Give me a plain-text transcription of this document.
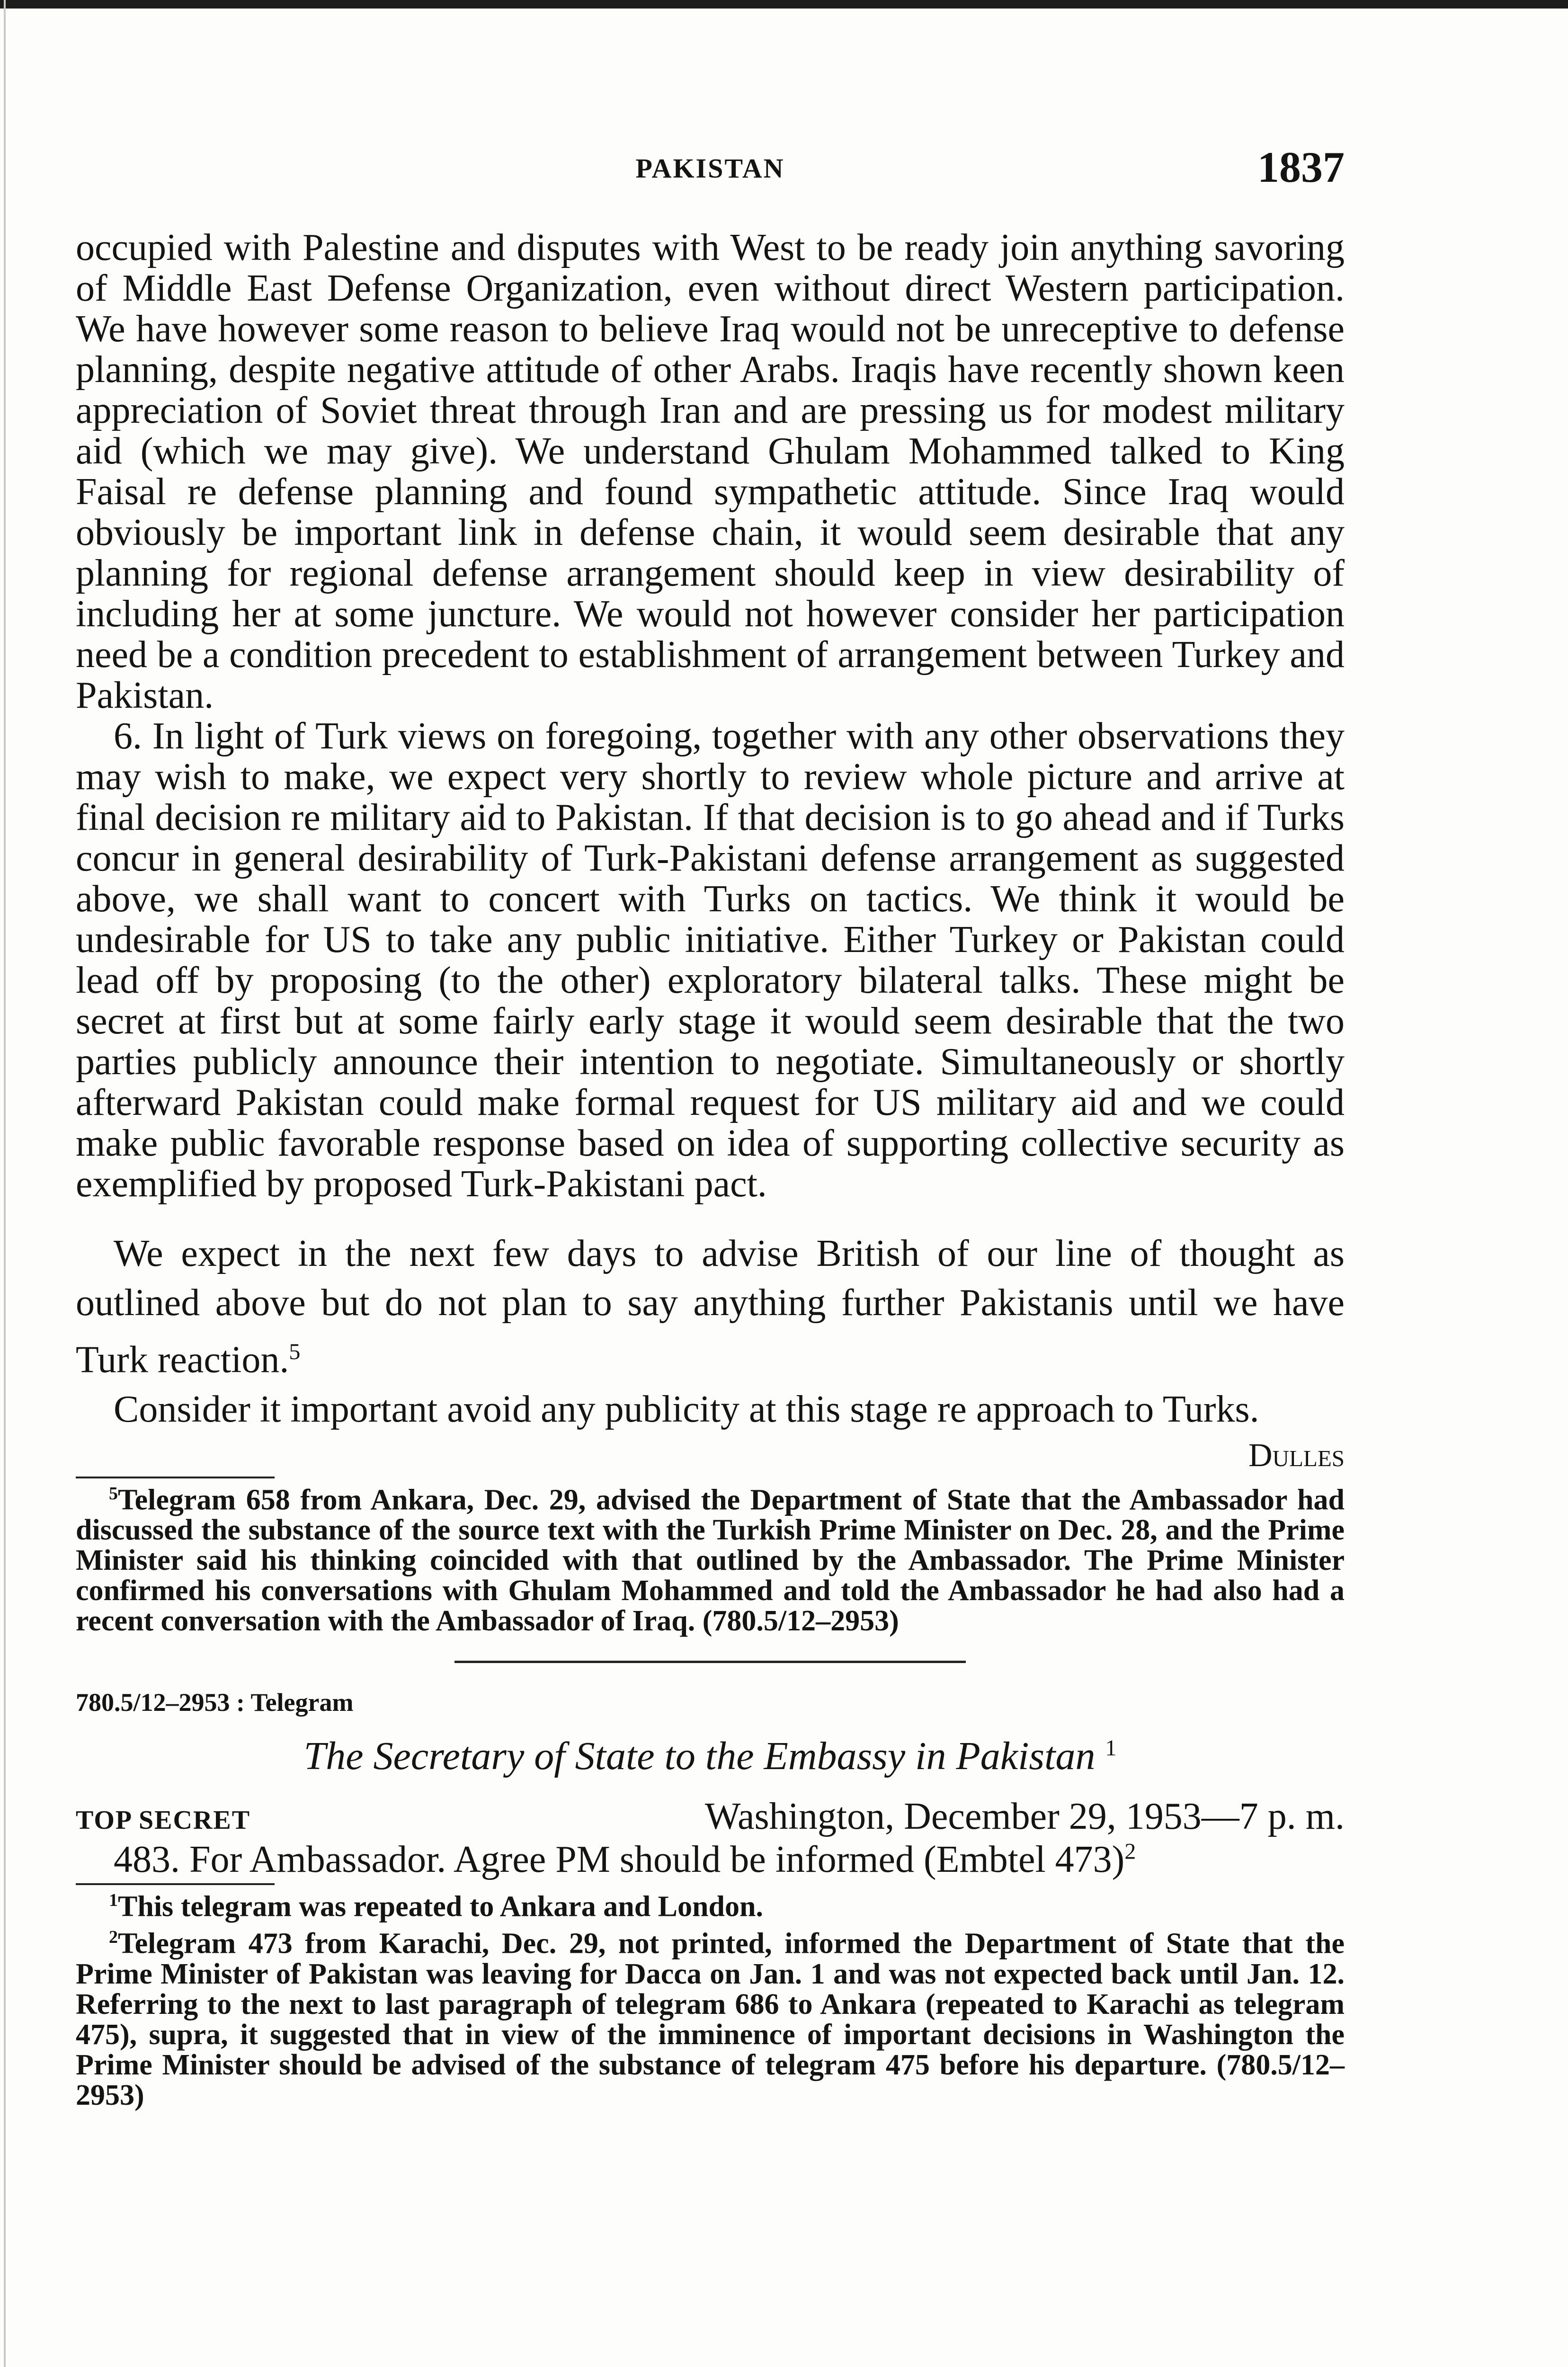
PAKISTAN	1837

occupied with Palestine and disputes with West to be ready join anything savoring of Middle East Defense Organization, even without direct Western participation. We have however some reason to believe Iraq would not be unreceptive to defense planning, despite negative attitude of other Arabs. Iraqis have recently shown keen appreciation of Soviet threat through Iran and are pressing us for modest military aid (which we may give). We understand Ghulam Mohammed talked to King Faisal re defense planning and found sympathetic attitude. Since Iraq would obviously be important link in defense chain, it would seem desirable that any planning for regional defense arrangement should keep in view desirability of including her at some juncture. We would not however consider her participation need be a condition precedent to establishment of arrangement between Turkey and Pakistan.

6. In light of Turk views on foregoing, together with any other observations they may wish to make, we expect very shortly to review whole picture and arrive at final decision re military aid to Pakistan. If that decision is to go ahead and if Turks concur in general desirability of Turk-Pakistani defense arrangement as suggested above, we shall want to concert with Turks on tactics. We think it would be undesirable for US to take any public initiative. Either Turkey or Pakistan could lead off by proposing (to the other) exploratory bilateral talks. These might be secret at first but at some fairly early stage it would seem desirable that the two parties publicly announce their intention to negotiate. Simultaneously or shortly afterward Pakistan could make formal request for US military aid and we could make public favorable response based on idea of supporting collective security as exemplified by proposed Turk-Pakistani pact.

We expect in the next few days to advise British of our line of thought as outlined above but do not plan to say anything further Pakistanis until we have Turk reaction.$^5$

Consider it important avoid any publicity at this stage re approach to Turks.

Dulles

$^5$Telegram 658 from Ankara, Dec. 29, advised the Department of State that the Ambassador had discussed the substance of the source text with the Turkish Prime Minister on Dec. 28, and the Prime Minister said his thinking coincided with that outlined by the Ambassador. The Prime Minister confirmed his conversations with Ghulam Mohammed and told the Ambassador he had also had a recent conversation with the Ambassador of Iraq. (780.5/12–2953)

780.5/12–2953 : Telegram
The Secretary of State to the Embassy in Pakistan $^1$
TOP SECRET	Washington, December 29, 1953—7 p. m.

483. For Ambassador. Agree PM should be informed (Embtel 473)$^2$

$^1$This telegram was repeated to Ankara and London.

$^2$Telegram 473 from Karachi, Dec. 29, not printed, informed the Department of State that the Prime Minister of Pakistan was leaving for Dacca on Jan. 1 and was not expected back until Jan. 12. Referring to the next to last paragraph of telegram 686 to Ankara (repeated to Karachi as telegram 475), supra, it suggested that in view of the imminence of important decisions in Washington the Prime Minister should be advised of the substance of telegram 475 before his departure. (780.5/12–2953)
